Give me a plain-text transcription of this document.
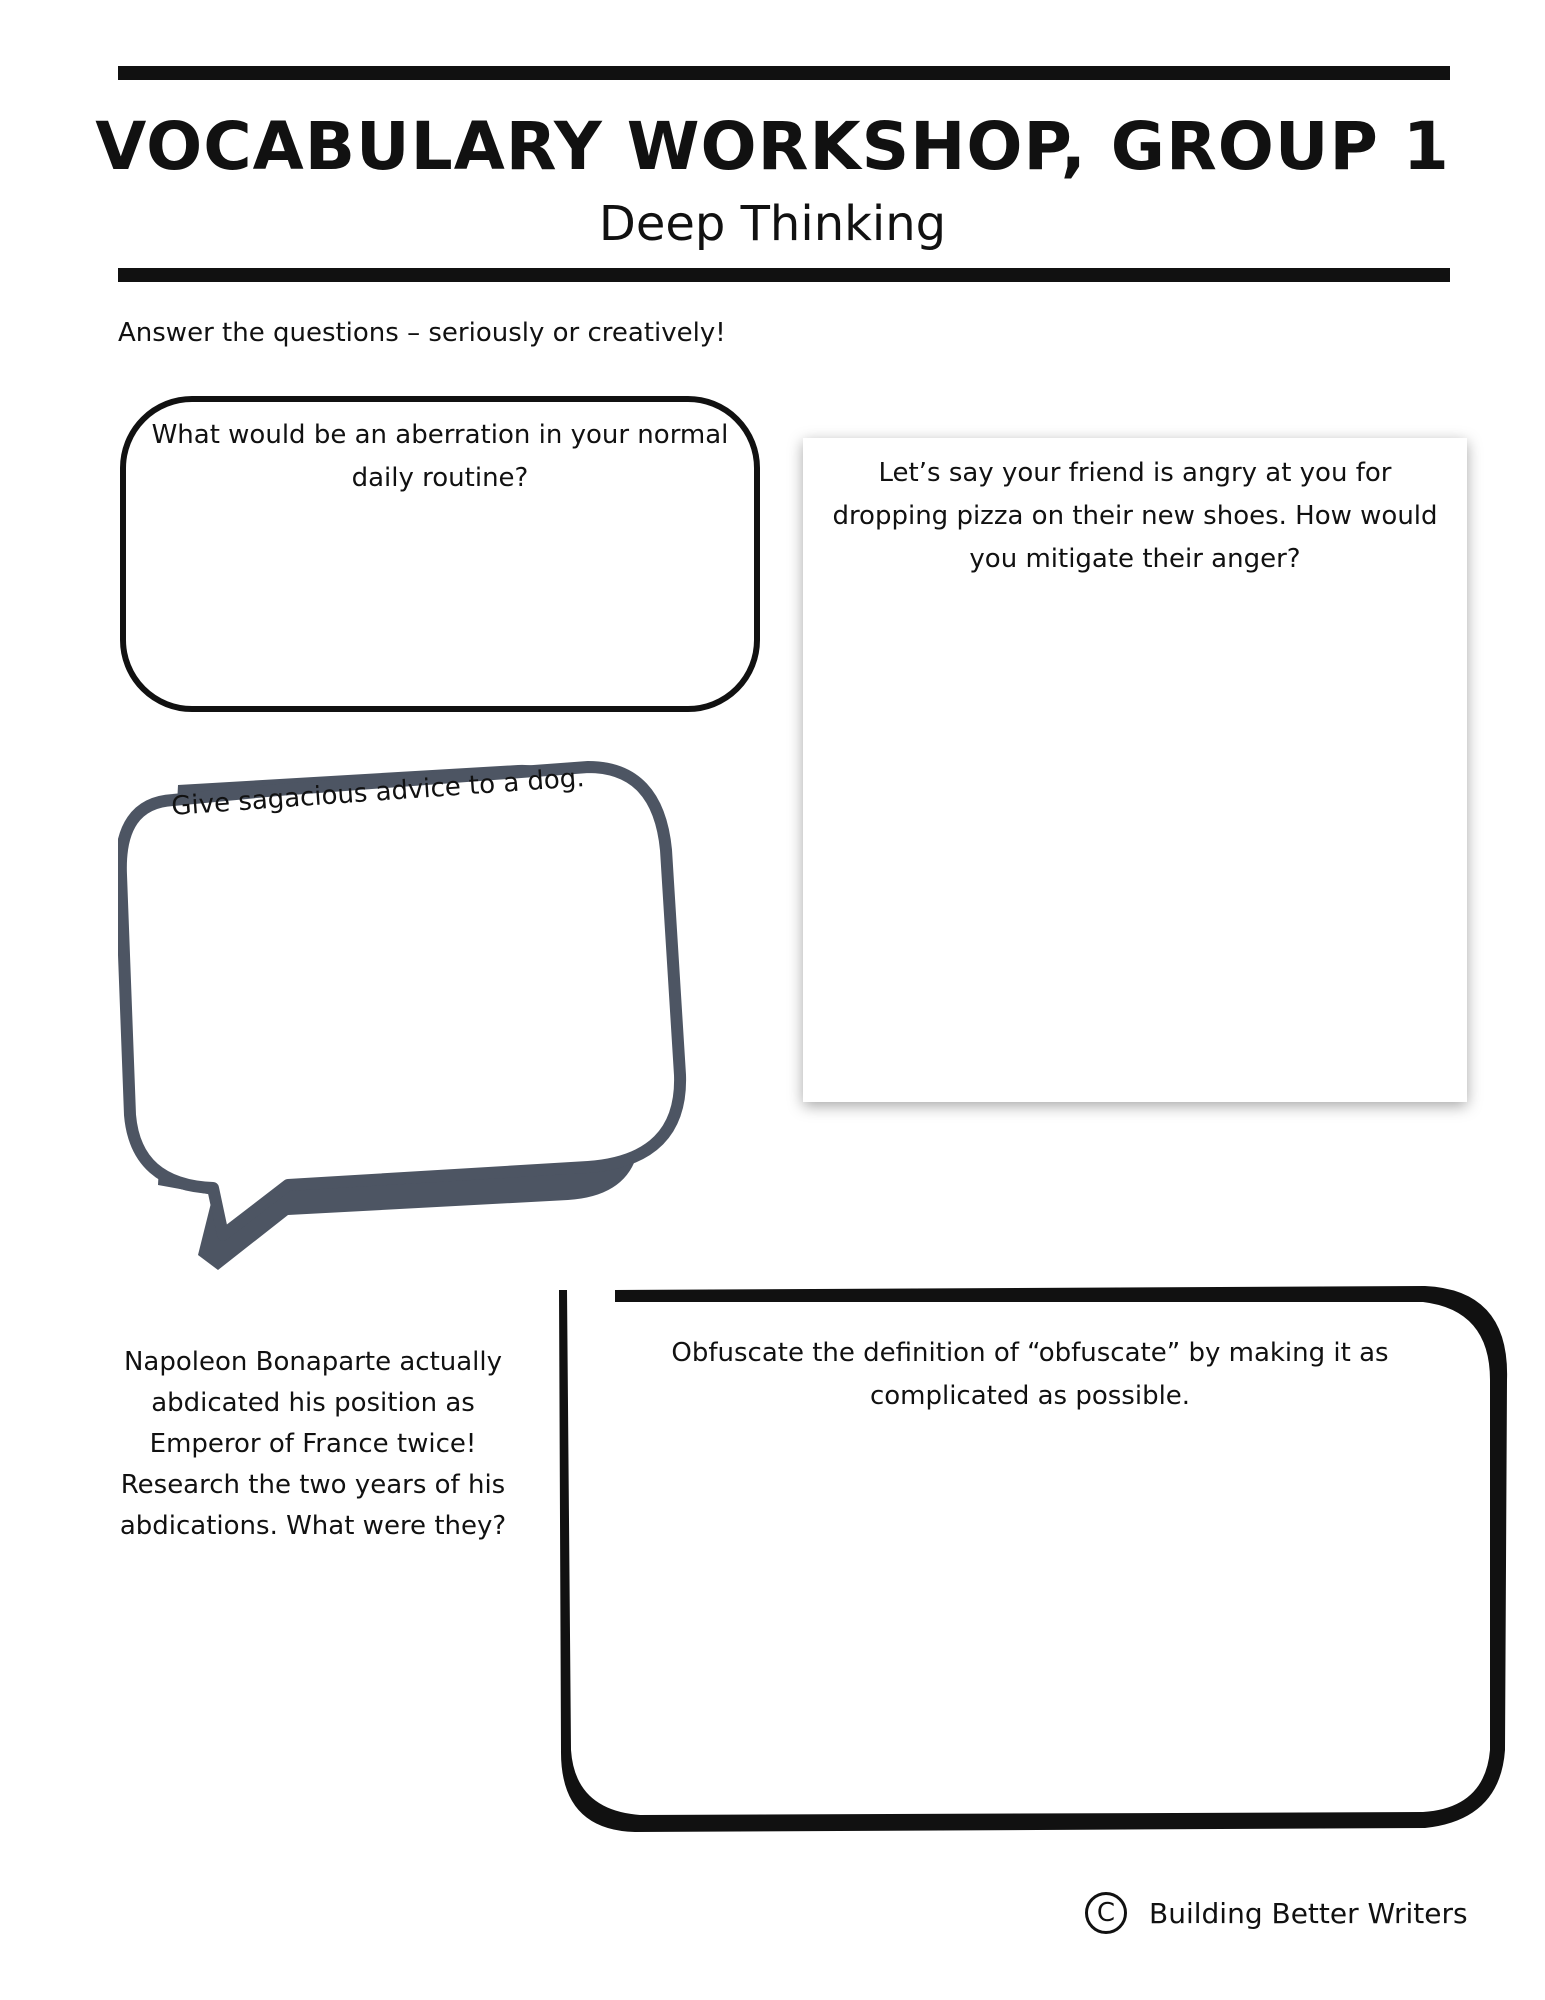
VOCABULARY WORKSHOP, GROUP 1
Deep Thinking
Answer the questions – seriously or creatively!
What would be an aberration in your normal daily routine?	Let’s say your friend is angry at you for dropping pizza on their new shoes. How would you mitigate their anger?
Give sagacious advice to a dog.
Napoleon Bonaparte actually abdicated his position as Emperor of France twice! Research the two years of his abdications. What were they?
Obfuscate the definition of “obfuscate” by making it as complicated as possible.
C	Building Better Writers
